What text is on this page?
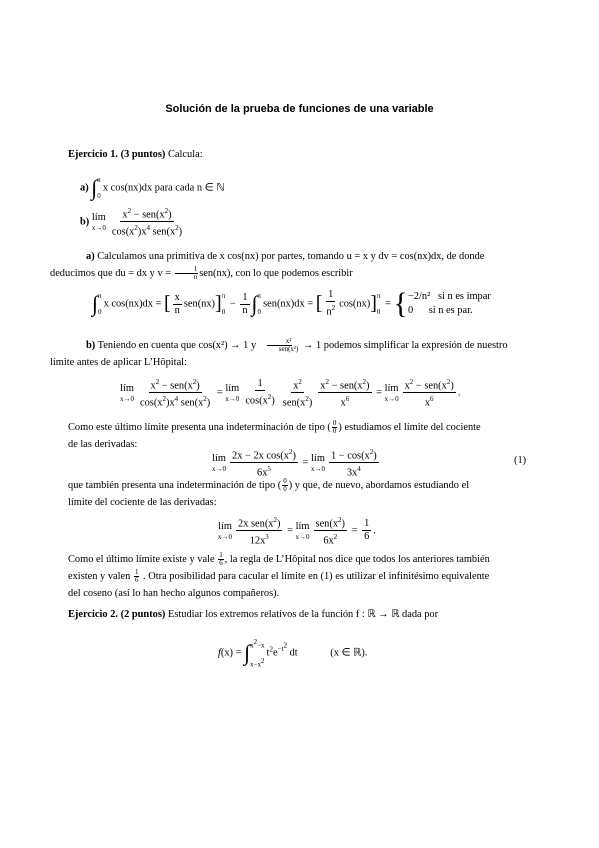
Solución de la prueba de funciones de una variable
Ejercicio 1. (3 puntos) Calcula:
a) ∫ π
0
x cos(nx)dx para cada n ∈ ℕ
b) lím
$x\to 0 \frac{x^2 - sen(x^2)}{\cos(x^2)x^4 sen(x^2)}$
a) Calculamos una primitiva de x cos(nx) por partes, tomando u = x y dv = cos(nx)dx, de donde
deducimos que du = dx y $v = \frac{1}{n} sen(nx)$, con lo que podemos escribir
∫ π
0
x cos(nx)dx = [ $\frac{x}{n} sen(nx)$] π
0
− $\frac{1}{n}$ ∫ π
0
sen(nx)dx = [ $\frac{1}{n^2} \cos(nx)$] π
0
= { −2/n² si n es impar
0 si n es par.
b) Teniendo en cuenta que cos(x²) → 1 y	x²
sen(x²) → 1 podemos simplificar la expresión de nuestro
límite antes de aplicar L’Hôpital:
lím
$x\to 0 \frac{x^2 - sen(x^2)}{\cos(x^2)x^4 sen(x^2)}$ = lím
$x\to 0 \frac{1}{\cos(x^2)} \frac{x^2}{sen(x^2)} \frac{x^2 - sen(x^2)}{x^6}$ = lím
$x\to 0 \frac{x^2 - sen(x^2)}{x^6}$ .
Como este último límite presenta una indeterminación de tipo ( $\frac{0}{0}$ ) estudiamos el límite del cociente
de las derivadas:
lím
$x\to 0 \frac{2x - 2x \cos(x^2)}{6x^5}$ = lím
$x\to 0 \frac{1 - \cos(x^2)}{3x^4}$	(1)
que también presenta una indeterminación de tipo ( $\frac{0}{0}$ ) y que, de nuevo, abordamos estudiando el
límite del cociente de las derivadas:
lím
$x\to 0 \frac{2x sen(x^2)}{12x^3}$ = lím
$x\to 0 \frac{sen(x^2)}{6x^2} = \frac{1}{6}$ .
Como el último límite existe y vale $\frac{1}{6}$ , la regla de L’Hôpital nos dice que todos los anteriores también
existen y valen $\frac{1}{6}$ . Otra posibilidad para cacular el límite en (1) es utilizar el infinitésimo equivalente
del coseno (así lo han hecho algunos compañeros).
Ejercicio 2. (2 puntos) Estudiar los extremos relativos de la función f : ℝ → ℝ dada por
f(x) = ∫ x2−x
x−x2
$t^2e^{-t2}$ dt	(x ∈ ℝ).
